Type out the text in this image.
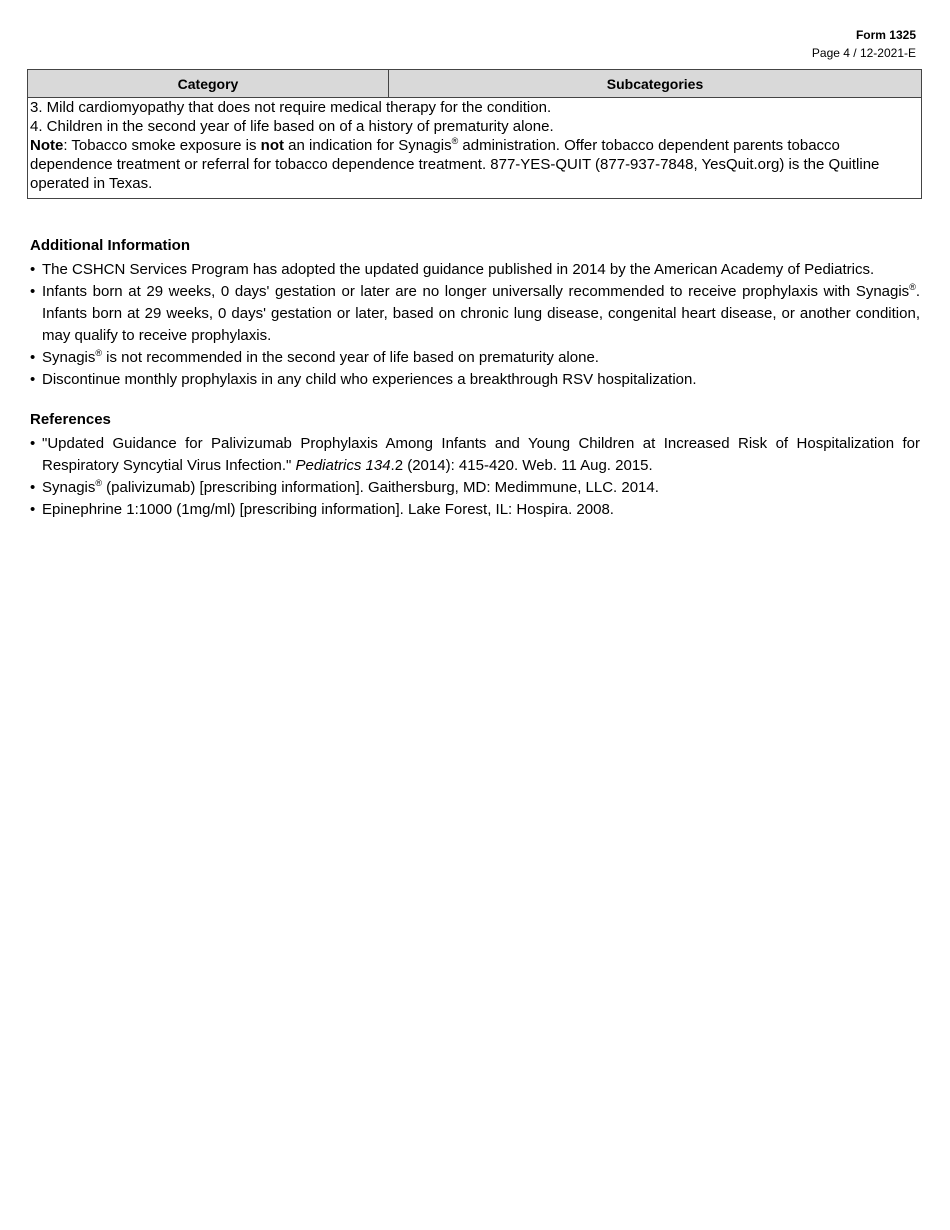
Form 1325
Page 4 / 12-2021-E
Category	Subcategories
3. Mild cardiomyopathy that does not require medical therapy for the condition.
4. Children in the second year of life based on of a history of prematurity alone.
Note: Tobacco smoke exposure is not an indication for Synagis® administration. Offer tobacco dependent parents tobacco dependence treatment or referral for tobacco dependence treatment. 877-YES-QUIT (877-937-7848, YesQuit.org) is the Quitline operated in Texas.
Additional Information
• The CSHCN Services Program has adopted the updated guidance published in 2014 by the American Academy of Pediatrics.
• Infants born at 29 weeks, 0 days' gestation or later are no longer universally recommended to receive prophylaxis with Synagis®. Infants born at 29 weeks, 0 days' gestation or later, based on chronic lung disease, congenital heart disease, or another condition, may qualify to receive prophylaxis.
• Synagis® is not recommended in the second year of life based on prematurity alone.
• Discontinue monthly prophylaxis in any child who experiences a breakthrough RSV hospitalization.
References
• "Updated Guidance for Palivizumab Prophylaxis Among Infants and Young Children at Increased Risk of Hospitalization for Respiratory Syncytial Virus Infection." Pediatrics 134.2 (2014): 415-420. Web. 11 Aug. 2015.
• Synagis® (palivizumab) [prescribing information]. Gaithersburg, MD: Medimmune, LLC. 2014.
• Epinephrine 1:1000 (1mg/ml) [prescribing information]. Lake Forest, IL: Hospira. 2008.
